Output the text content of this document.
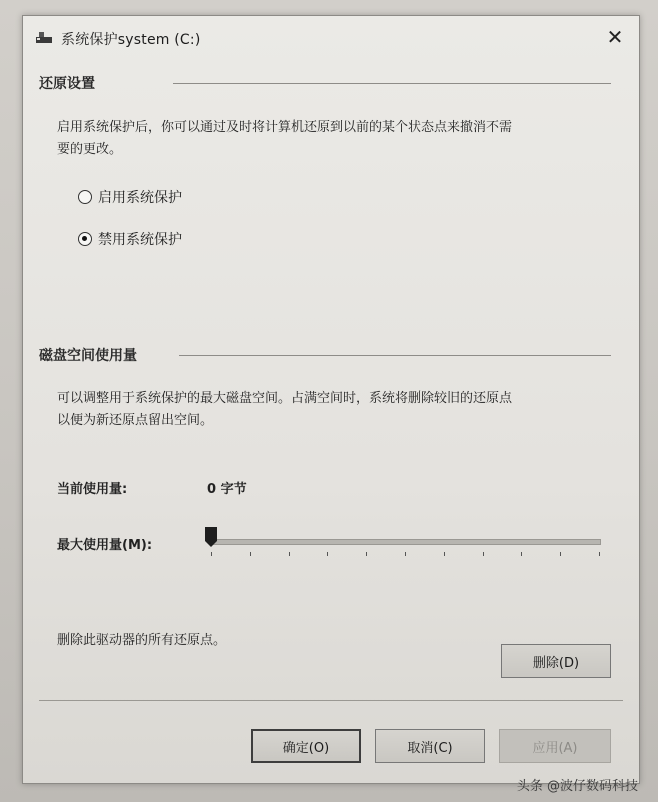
系统保护system (C:)	✕
还原设置
启用系统保护后，你可以通过及时将计算机还原到以前的某个状态点来撤消不需
要的更改。
启用系统保护
禁用系统保护
磁盘空间使用量
可以调整用于系统保护的最大磁盘空间。占满空间时，系统将删除较旧的还原点
以便为新还原点留出空间。
当前使用量:	0 字节
最大使用量(M):
删除此驱动器的所有还原点。
删除(D)
确定(O)	取消(C)	应用(A)
头条 @波仔数码科技
